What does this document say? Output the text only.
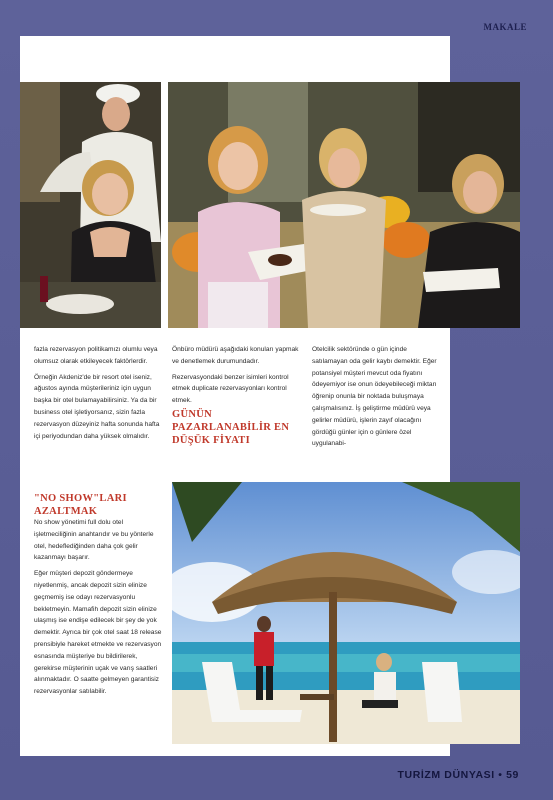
MAKALE

fazla rezervasyon politikamızı olumlu veya olumsuz olarak etkileyecek faktörlerdir.

Örneğin Akdeniz'de bir resort otel iseniz, ağustos ayında müşterileriniz için uygun başka bir otel bulamayabilirsiniz. Ya da bir business otel işletiyorsanız, sizin fazla rezervasyon düzeyiniz hafta sonunda hafta içi periyodundan daha yüksek olmalıdır.

"NO SHOW"LARI AZALTMAK

No show yönetimi full dolu otel işletmeciliğinin anahtarıdır ve bu yönterle otel, hedeflediğinden daha çok gelir kazanmayı başarır.

Eğer müşteri depozit göndermeye niyetlenmiş, ancak depozit sizin elinize geçmemiş ise odayı rezervasyonlu bekletmeyin. Mamafih depozit sizin elinize ulaşmış ise endişe edilecek bir şey de yok demektir. Ayrıca bir çok otel saat 18 release prensibiyle hareket etmekte ve rezervasyon esnasında müşteriye bu bildirilerek, gerekirse müşterinin uçak ve varış saatleri alınmaktadır. O saatte gelmeyen garantisiz rezervasyonlar satılabilir.

Önbüro müdürü aşağıdaki konuları yapmak ve denetlemek durumundadır.

Rezervasyondaki benzer isimleri kontrol etmek duplicate rezervasyonları kontrol etmek.

GÜNÜN PAZARLANABİLİR EN DÜŞÜK FİYATI

Otelcilik sektöründe o gün içinde satılamayan oda gelir kaybı demektir. Eğer potansiyel müşteri mevcut oda fiyatını ödeyemiyor ise onun ödeyebileceği miktarı öğrenip onunla bir noktada buluşmaya çalışmalısınız. İş geliştirme müdürü veya gelirler müdürü, işlerin zayıf olacağını gördüğü günler için o günlere özel uygulanabi-

TURİZM DÜNYASI • 59
